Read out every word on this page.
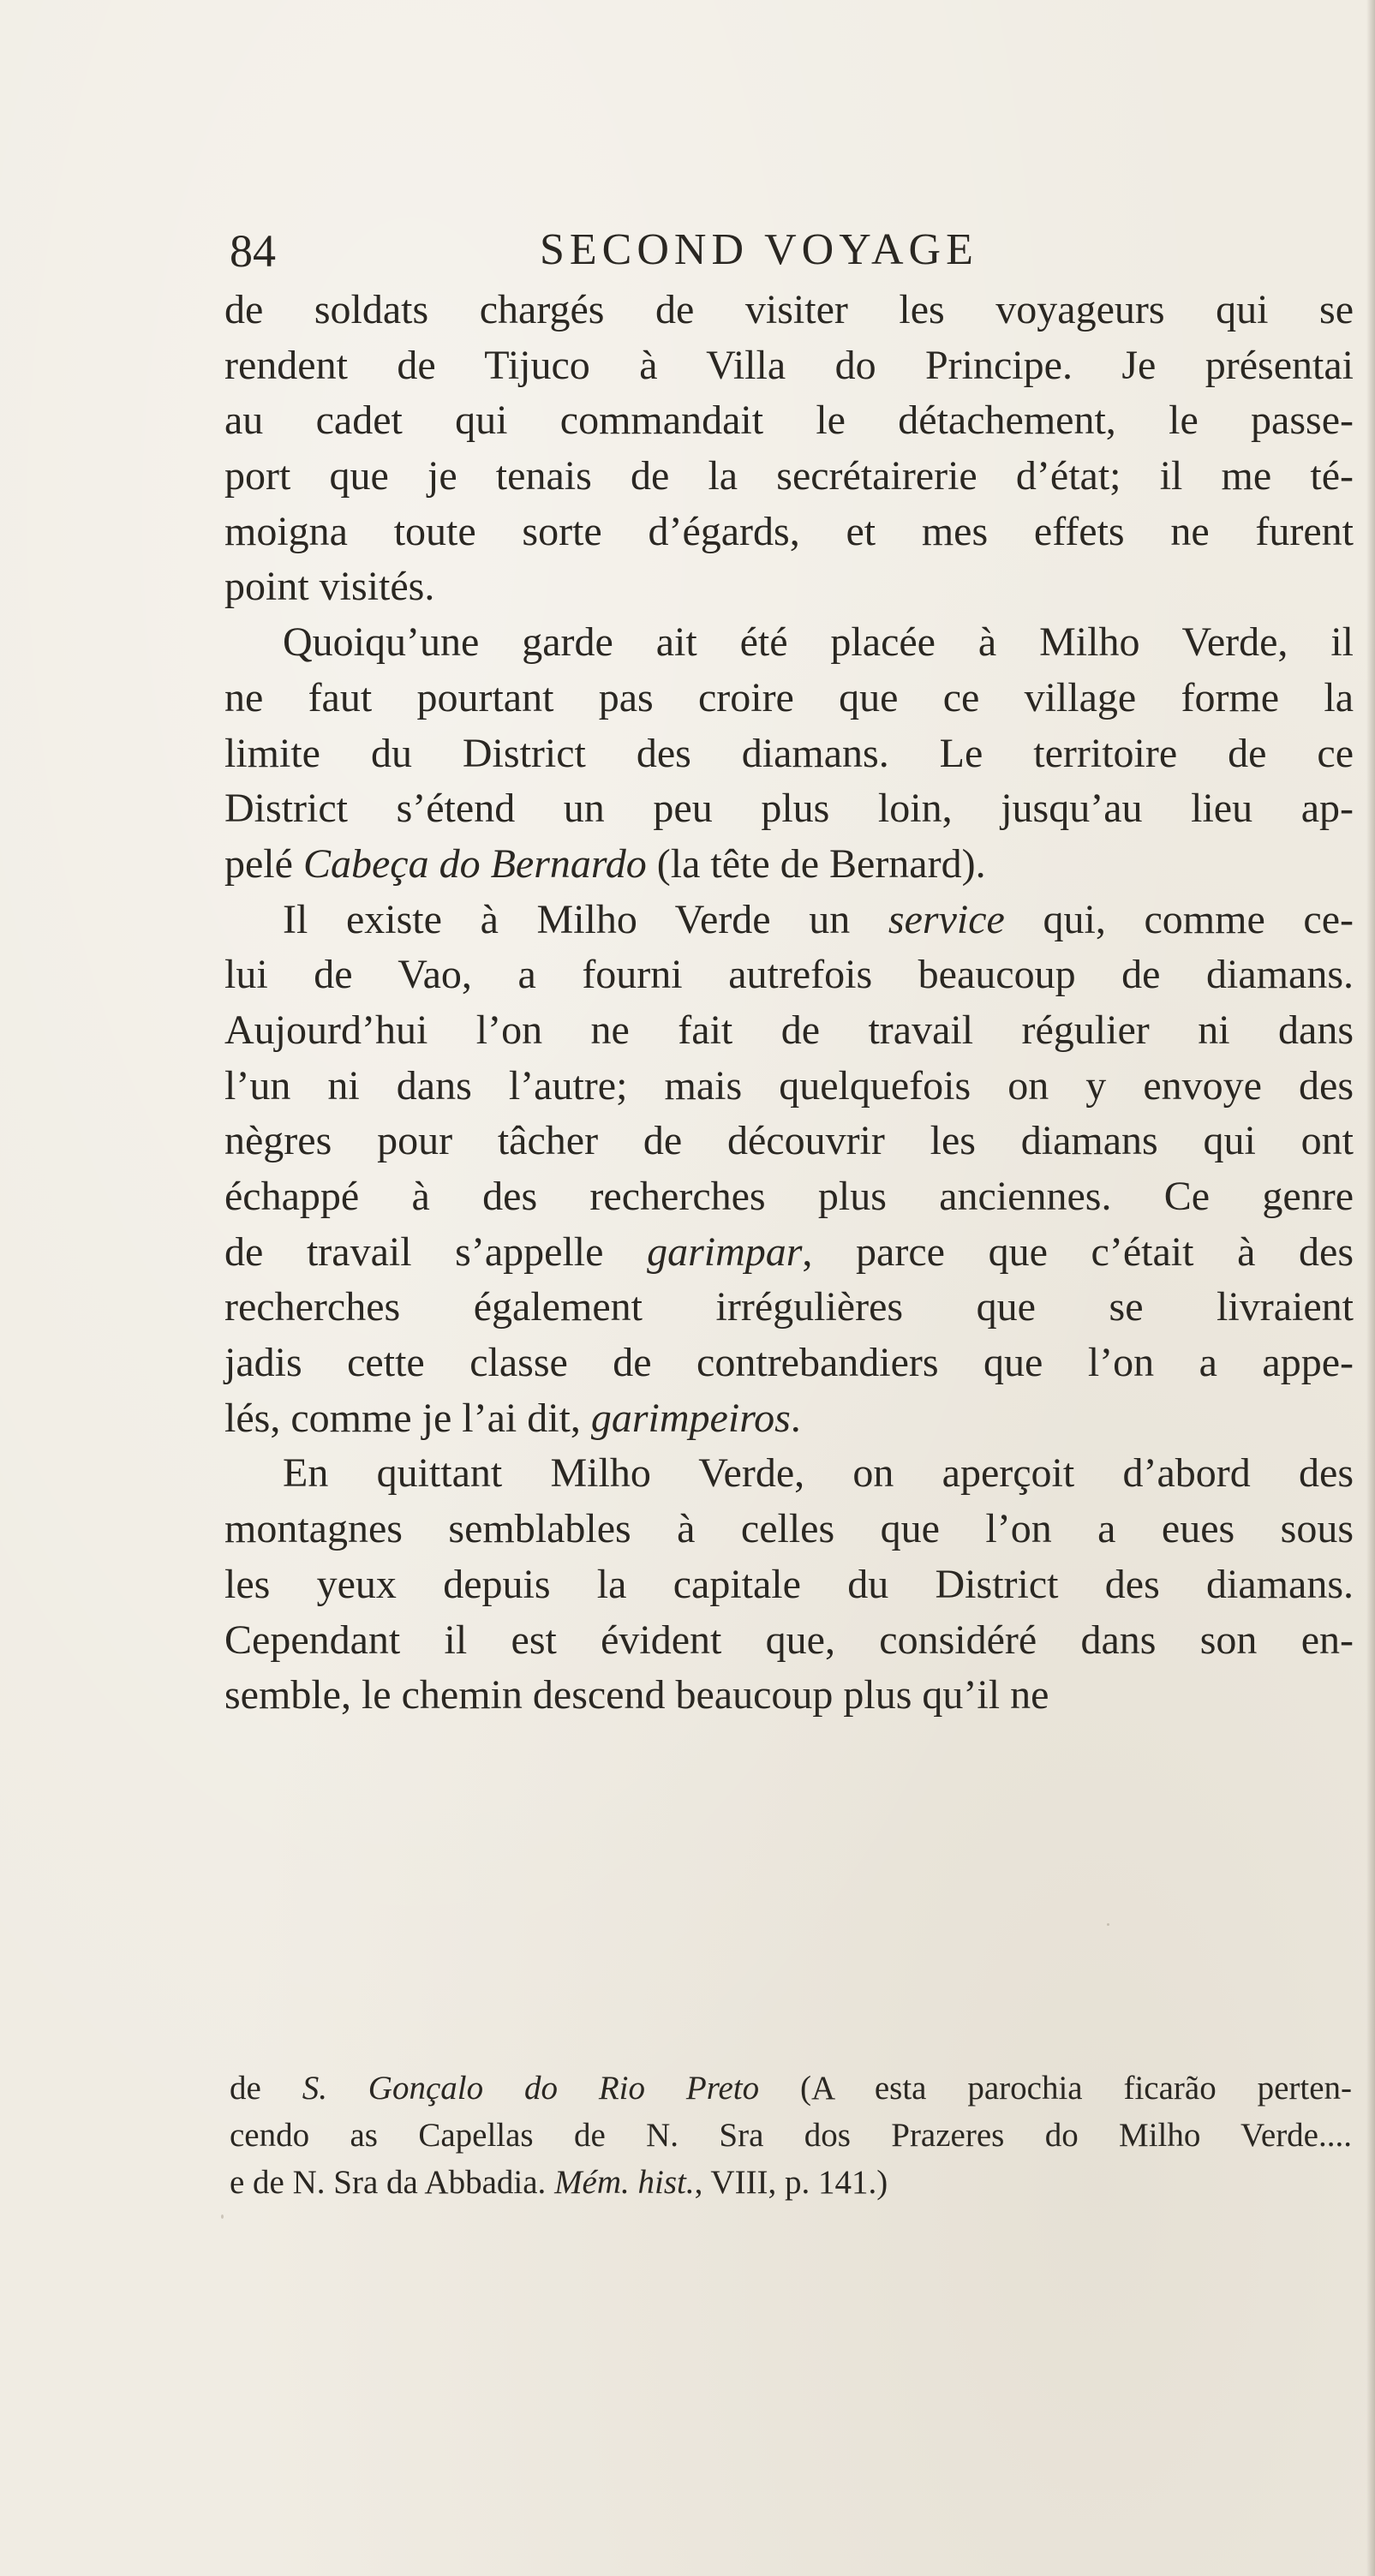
84	SECOND VOYAGE
de soldats chargés de visiter les voyageurs qui se
rendent de Tijuco à Villa do Principe. Je présentai
au cadet qui commandait le détachement, le passe-
port que je tenais de la secrétairerie d’état; il me té-
moigna toute sorte d’égards, et mes effets ne furent
point visités.
Quoiqu’une garde ait été placée à Milho Verde, il
ne faut pourtant pas croire que ce village forme la
limite du District des diamans. Le territoire de ce
District s’étend un peu plus loin, jusqu’au lieu ap-
pelé Cabeça do Bernardo (la tête de Bernard).
Il existe à Milho Verde un service qui, comme ce-
lui de Vao, a fourni autrefois beaucoup de diamans.
Aujourd’hui l’on ne fait de travail régulier ni dans
l’un ni dans l’autre; mais quelquefois on y envoye des
nègres pour tâcher de découvrir les diamans qui ont
échappé à des recherches plus anciennes. Ce genre
de travail s’appelle garimpar, parce que c’était à des
recherches également irrégulières que se livraient
jadis cette classe de contrebandiers que l’on a appe-
lés, comme je l’ai dit, garimpeiros.
En quittant Milho Verde, on aperçoit d’abord des
montagnes semblables à celles que l’on a eues sous
les yeux depuis la capitale du District des diamans.
Cependant il est évident que, considéré dans son en-
semble, le chemin descend beaucoup plus qu’il ne
de S. Gonçalo do Rio Preto (A esta parochia ficarão perten-
cendo as Capellas de N. Sra dos Prazeres do Milho Verde....
e de N. Sra da Abbadia. Mém. hist., VIII, p. 141.)
